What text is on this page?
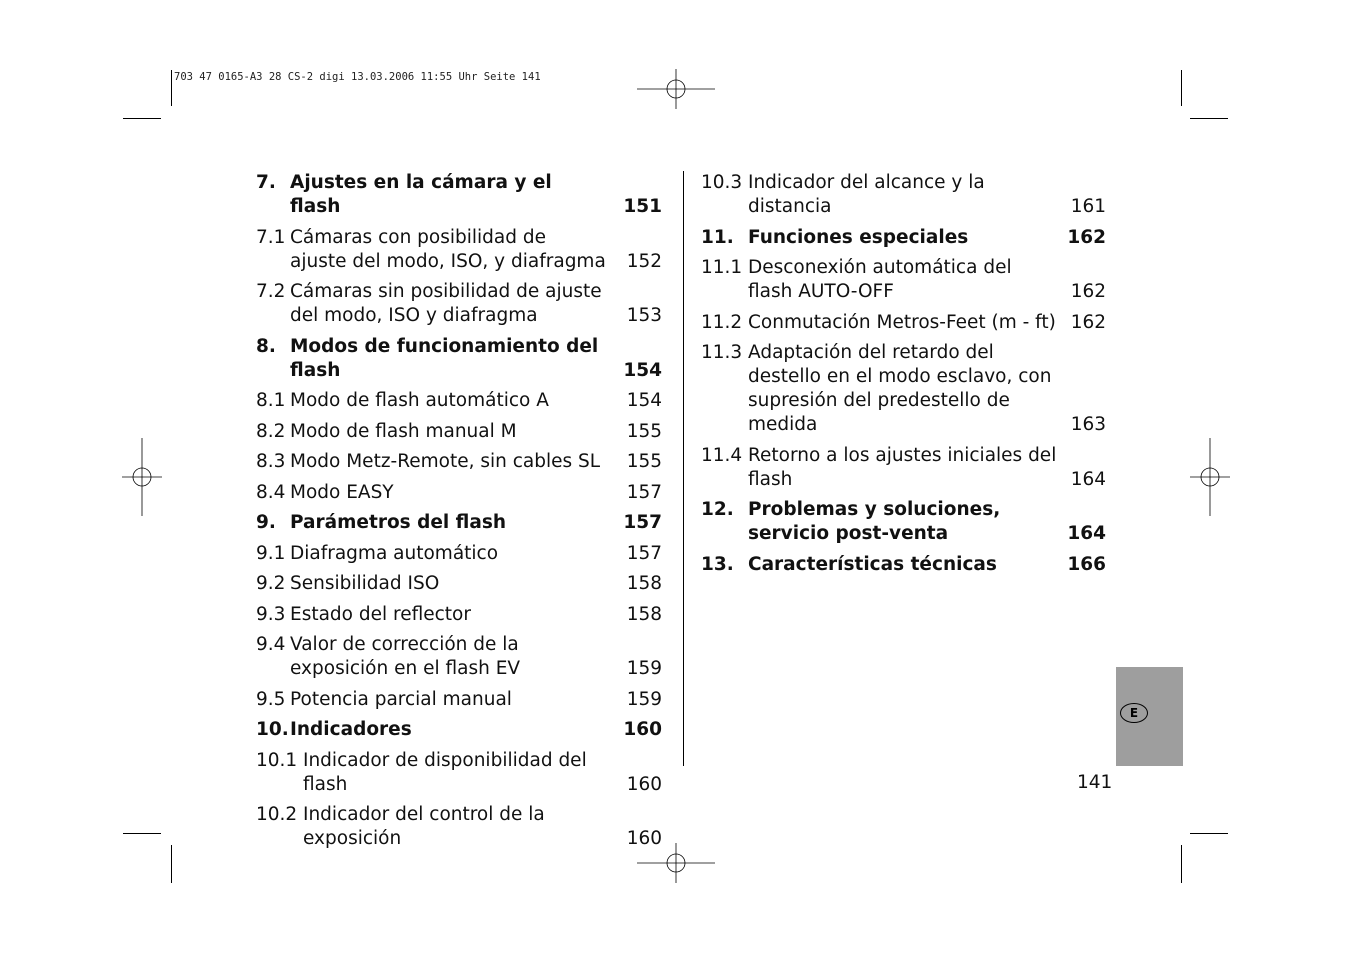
703 47 0165-A3 28 CS-2 digi 13.03.2006 11:55 Uhr Seite 141
7. Ajustes en la cámara y el flash	151
7.1 Cámaras con posibilidad de ajuste del modo, ISO, y diafragma	152
7.2 Cámaras sin posibilidad de ajuste del modo, ISO y diafragma	153
8. Modos de funcionamiento del flash	154
8.1 Modo de flash automático A	154
8.2 Modo de flash manual M	155
8.3 Modo Metz-Remote, sin cables SL	155
8.4 Modo EASY	157
9. Parámetros del flash	157
9.1 Diafragma automático	157
9.2 Sensibilidad ISO	158
9.3 Estado del reflector	158
9.4 Valor de corrección de la exposición en el flash EV	159
9.5 Potencia parcial manual	159
10. Indicadores	160
10.1 Indicador de disponibilidad del flash	160
10.2 Indicador del control de la exposición	160
10.3 Indicador del alcance y la distancia	161
11. Funciones especiales	162
11.1 Desconexión automática del flash AUTO-OFF	162
11.2 Conmutación Metros-Feet (m - ft) 162
11.3 Adaptación del retardo del destello en el modo esclavo, con supresión del predestello de medida	163
11.4 Retorno a los ajustes iniciales del flash	164
12. Problemas y soluciones, servicio post-venta	164
13. Características técnicas	166
E
141
